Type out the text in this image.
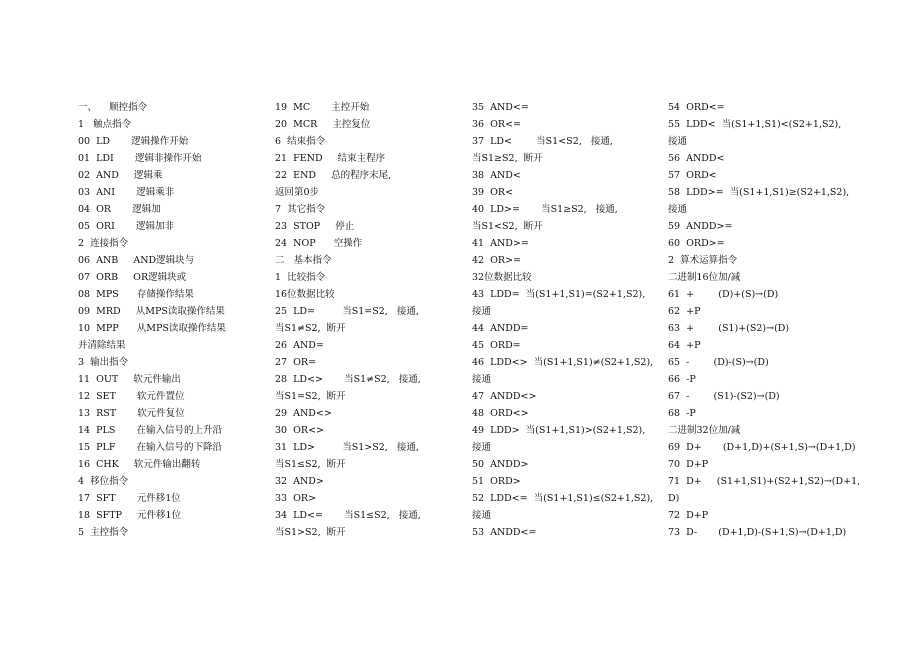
一、    顺控指令
1   触点指令
00  LD       逻辑操作开始
01  LDI       逻辑非操作开始
02  AND     逻辑乘
03  ANI       逻辑乘非
04  OR       逻辑加
05  ORI       逻辑加非
2  连接指令
06  ANB     AND逻辑块与
07  ORB     OR逻辑块或
08  MPS      存储操作结果
09  MRD     从MPS读取操作结果
10  MPP      从MPS读取操作结果
并清除结果
3  输出指令
11  OUT     软元件输出
12  SET       软元件置位
13  RST       软元件复位
14  PLS       在输入信号的上升沿
15  PLF       在输入信号的下降沿
16  CHK     软元件输出翻转
4  移位指令
17  SFT       元件移1位
18  SFTP     元件移1位
5  主控指令
19  MC       主控开始
20  MCR     主控复位
6  结束指令
21  FEND     结束主程序
22  END     总的程序末尾,
返回第0步
7  其它指令
23  STOP     停止
24  NOP      空操作
二   基本指令
1  比较指令
16位数据比较
25  LD=         当S1=S2,   接通,
当S1≠S2,  断开
26  AND=
27  OR=
28  LD<>       当S1≠S2,   接通,
当S1=S2,  断开
29  AND<>
30  OR<>
31  LD>         当S1>S2,   接通,
当S1≤S2,  断开
32  AND>
33  OR>
34  LD<=       当S1≤S2,   接通,
当S1>S2,  断开
35  AND<=
36  OR<=
37  LD<        当S1<S2,   接通,
当S1≥S2,  断开
38  AND<
39  OR<
40  LD>=       当S1≥S2,   接通,
当S1<S2,  断开
41  AND>=
42  OR>=
32位数据比较
43  LDD=  当(S1+1,S1)=(S2+1,S2),
接通
44  ANDD=
45  ORD=
46  LDD<>  当(S1+1,S1)≠(S2+1,S2),
接通
47  ANDD<>
48  ORD<>
49  LDD>  当(S1+1,S1)>(S2+1,S2),
接通
50  ANDD>
51  ORD>
52  LDD<=  当(S1+1,S1)≤(S2+1,S2),
接通
53  ANDD<=
54  ORD<=
55  LDD<  当(S1+1,S1)<(S2+1,S2),
接通
56  ANDD<
57  ORD<
58  LDD>=  当(S1+1,S1)≥(S2+1,S2),
接通
59  ANDD>=
60  ORD>=
2  算术运算指令
二进制16位加/减
61  +        (D)+(S)→(D)
62  +P
63  +        (S1)+(S2)→(D)
64  +P
65  -        (D)-(S)→(D)
66  -P
67  -        (S1)-(S2)→(D)
68  -P
二进制32位加/减
69  D+       (D+1,D)+(S+1,S)→(D+1,D)
70  D+P
71  D+     (S1+1,S1)+(S2+1,S2)→(D+1,
D)
72  D+P
73  D-       (D+1,D)-(S+1,S)→(D+1,D)
